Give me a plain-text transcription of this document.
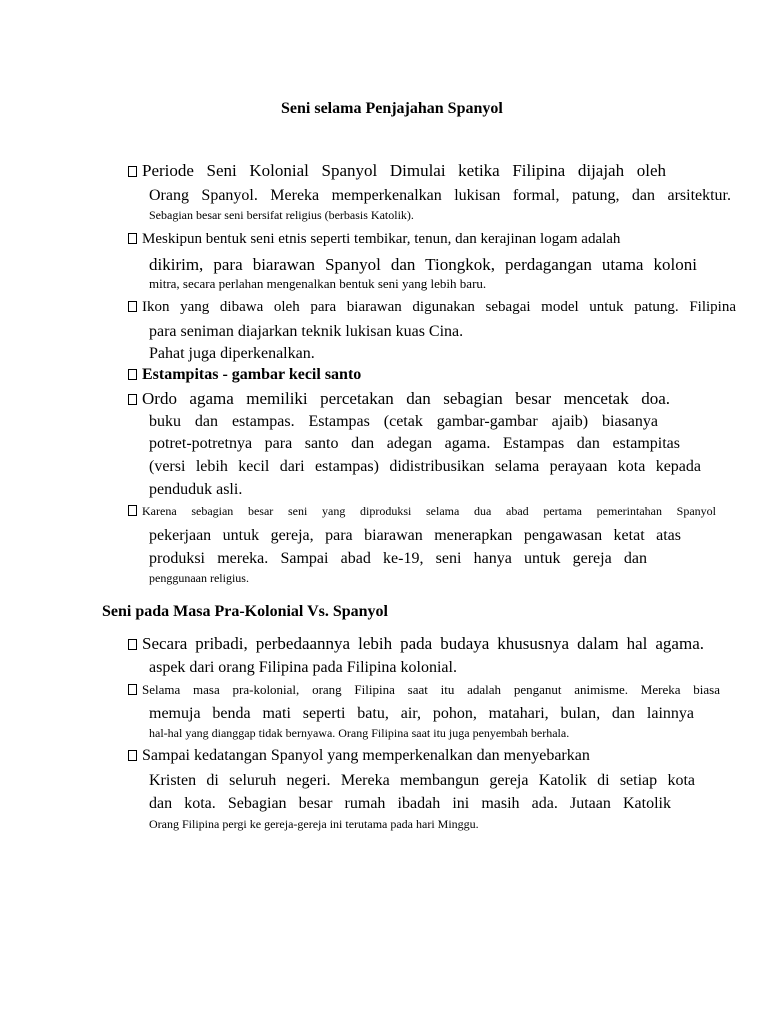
Seni selama Penjajahan Spanyol
Periode Seni Kolonial Spanyol Dimulai ketika Filipina dijajah oleh
Orang Spanyol. Mereka memperkenalkan lukisan formal, patung, dan arsitektur.
Sebagian besar seni bersifat religius (berbasis Katolik).
Meskipun bentuk seni etnis seperti tembikar, tenun, dan kerajinan logam adalah
dikirim, para biarawan Spanyol dan Tiongkok, perdagangan utama koloni
mitra, secara perlahan mengenalkan bentuk seni yang lebih baru.
Ikon yang dibawa oleh para biarawan digunakan sebagai model untuk patung. Filipina
para seniman diajarkan teknik lukisan kuas Cina.
Pahat juga diperkenalkan.
Estampitas - gambar kecil santo
Ordo agama memiliki percetakan dan sebagian besar mencetak doa.
buku dan estampas. Estampas (cetak gambar-gambar ajaib) biasanya
potret-potretnya para santo dan adegan agama. Estampas dan estampitas
(versi lebih kecil dari estampas) didistribusikan selama perayaan kota kepada
penduduk asli.
Karena sebagian besar seni yang diproduksi selama dua abad pertama pemerintahan Spanyol
pekerjaan untuk gereja, para biarawan menerapkan pengawasan ketat atas
produksi mereka. Sampai abad ke-19, seni hanya untuk gereja dan
penggunaan religius.
Seni pada Masa Pra-Kolonial Vs. Spanyol
Secara pribadi, perbedaannya lebih pada budaya khususnya dalam hal agama.
aspek dari orang Filipina pada Filipina kolonial.
Selama masa pra-kolonial, orang Filipina saat itu adalah penganut animisme. Mereka biasa
memuja benda mati seperti batu, air, pohon, matahari, bulan, dan lainnya
hal-hal yang dianggap tidak bernyawa. Orang Filipina saat itu juga penyembah berhala.
Sampai kedatangan Spanyol yang memperkenalkan dan menyebarkan
Kristen di seluruh negeri. Mereka membangun gereja Katolik di setiap kota
dan kota. Sebagian besar rumah ibadah ini masih ada. Jutaan Katolik
Orang Filipina pergi ke gereja-gereja ini terutama pada hari Minggu.
